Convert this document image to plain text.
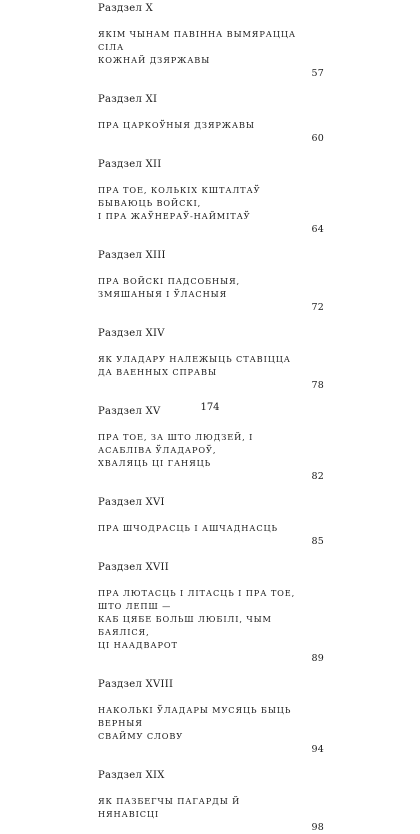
Раздзел X

ЯКІМ ЧЫНАМ ПАВІННА ВЫМЯРАЦЦА СІЛА
КОЖНАЙ ДЗЯРЖАВЫ

57

Раздзел XI

ПРА ЦАРКОЎНЫЯ ДЗЯРЖАВЫ

60

Раздзел XII

ПРА ТОЕ, КОЛЬКІХ КШТАЛТАЎ БЫВАЮЦЬ ВОЙСКІ,
І ПРА ЖАЎНЕРАЎ-НАЙМІТАЎ

64

Раздзел XIII

ПРА ВОЙСКІ ПАДСОБНЫЯ, ЗМЯШАНЫЯ І ЎЛАСНЫЯ

72

Раздзел XIV

ЯК УЛАДАРУ НАЛЕЖЫЦЬ СТАВІЦЦА
ДА ВАЕННЫХ СПРАВЫ

78

Раздзел XV

ПРА ТОЕ, ЗА ШТО ЛЮДЗЕЙ, І АСАБЛІВА ЎЛАДАРОЎ,
ХВАЛЯЦЬ ЦІ ГАНЯЦЬ

82

Раздзел XVI

ПРА ШЧОДРАСЦЬ І АШЧАДНАСЦЬ

85

Раздзел XVII

ПРА ЛЮТАСЦЬ І ЛІТАСЦЬ І ПРА ТОЕ, ШТО ЛЕПШ —
КАБ ЦЯБЕ БОЛЬШ ЛЮБІЛІ, ЧЫМ БАЯЛІСЯ,
ЦІ НААДВАРОТ

89

Раздзел XVIII

НАКОЛЬКІ ЎЛАДАРЫ МУСЯЦЬ БЫЦЬ ВЕРНЫЯ
СВАЙМУ СЛОВУ

94

Раздзел XIX

ЯК ПАЗБЕГЧЫ ПАГАРДЫ Й НЯНАВІСЦІ

98

174
